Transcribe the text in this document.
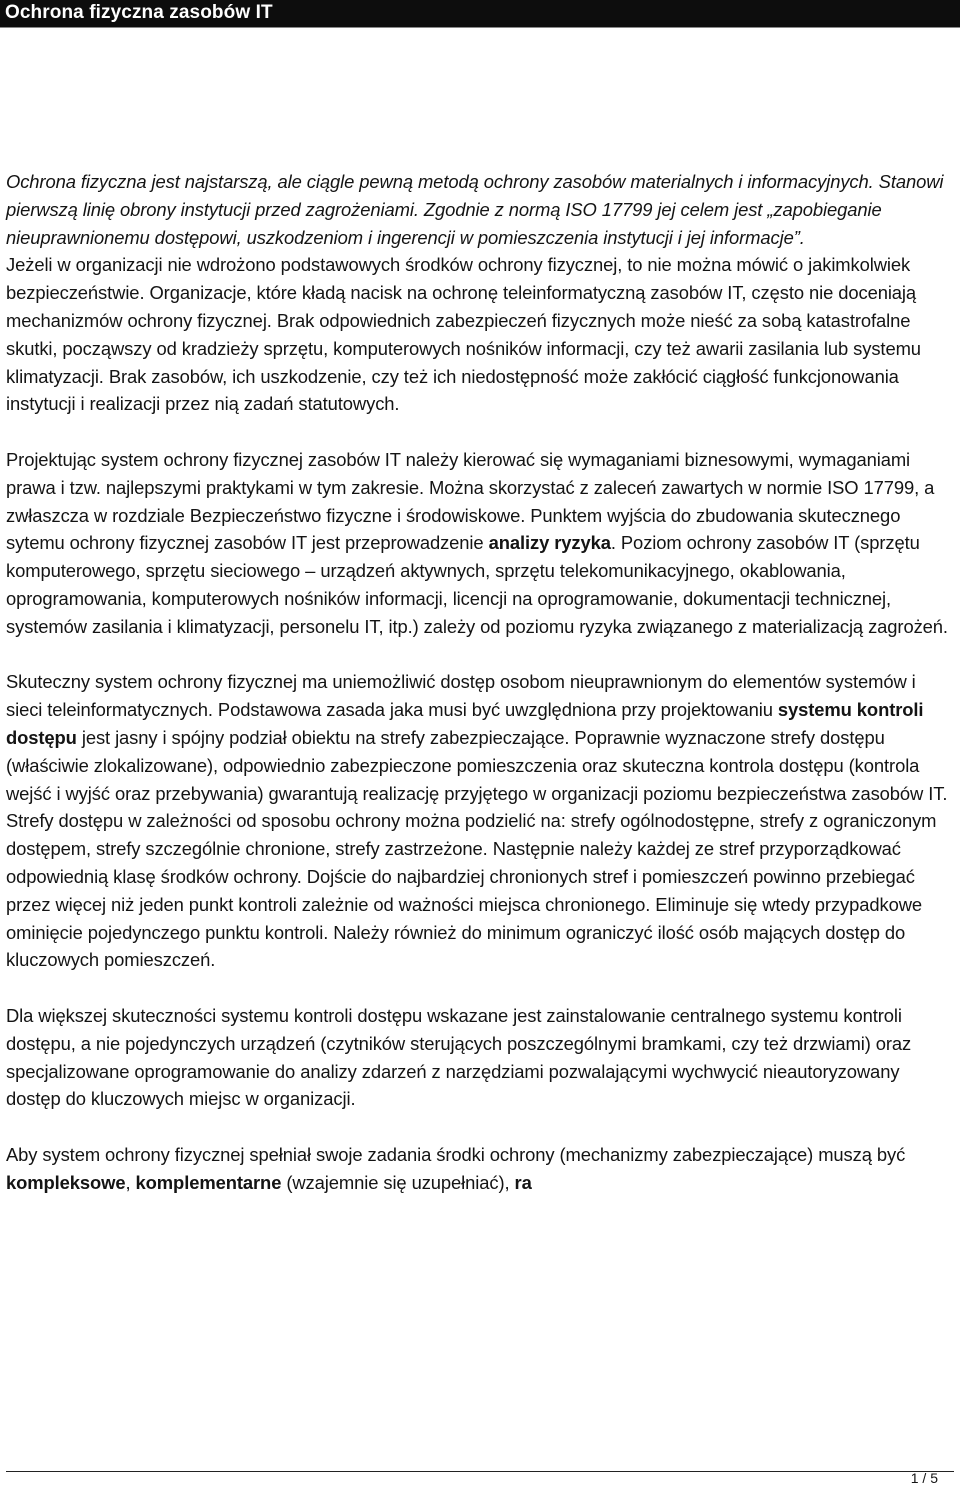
Ochrona fizyczna zasobów IT

Ochrona fizyczna jest najstarszą, ale ciągle pewną metodą ochrony zasobów materialnych i informacyjnych. Stanowi pierwszą linię obrony instytucji przed zagrożeniami. Zgodnie z normą ISO 17799 jej celem jest „zapobieganie nieuprawnionemu dostępowi, uszkodzeniom i ingerencji w pomieszczenia instytucji i jej informacje”.

Jeżeli w organizacji nie wdrożono podstawowych środków ochrony fizycznej, to nie można mówić o jakimkolwiek bezpieczeństwie. Organizacje, które kładą nacisk na ochronę teleinformatyczną zasobów IT, często nie doceniają mechanizmów ochrony fizycznej. Brak odpowiednich zabezpieczeń fizycznych może nieść za sobą katastrofalne skutki, począwszy od kradzieży sprzętu, komputerowych nośników informacji, czy też awarii zasilania lub systemu klimatyzacji. Brak zasobów, ich uszkodzenie, czy też ich niedostępność może zakłócić ciągłość funkcjonowania instytucji i realizacji przez nią zadań statutowych.

Projektując system ochrony fizycznej zasobów IT należy kierować się wymaganiami biznesowymi, wymaganiami prawa i tzw. najlepszymi praktykami w tym zakresie. Można skorzystać z zaleceń zawartych w normie ISO 17799, a zwłaszcza w rozdziale Bezpieczeństwo fizyczne i środowiskowe. Punktem wyjścia do zbudowania skutecznego sytemu ochrony fizycznej zasobów IT jest przeprowadzenie analizy ryzyka. Poziom ochrony zasobów IT (sprzętu komputerowego, sprzętu sieciowego – urządzeń aktywnych, sprzętu telekomunikacyjnego, okablowania, oprogramowania, komputerowych nośników informacji, licencji na oprogramowanie, dokumentacji technicznej, systemów zasilania i klimatyzacji, personelu IT, itp.) zależy od poziomu ryzyka związanego z materializacją zagrożeń.

Skuteczny system ochrony fizycznej ma uniemożliwić dostęp osobom nieuprawnionym do elementów systemów i sieci teleinformatycznych. Podstawowa zasada jaka musi być uwzględniona przy projektowaniu systemu kontroli dostępu jest jasny i spójny podział obiektu na strefy zabezpieczające. Poprawnie wyznaczone strefy dostępu (właściwie zlokalizowane), odpowiednio zabezpieczone pomieszczenia oraz skuteczna kontrola dostępu (kontrola wejść i wyjść oraz przebywania) gwarantują realizację przyjętego w organizacji poziomu bezpieczeństwa zasobów IT. Strefy dostępu w zależności od sposobu ochrony można podzielić na: strefy ogólnodostępne, strefy z ograniczonym dostępem, strefy szczególnie chronione, strefy zastrzeżone. Następnie należy każdej ze stref przyporządkować odpowiednią klasę środków ochrony. Dojście do najbardziej chronionych stref i pomieszczeń powinno przebiegać przez więcej niż jeden punkt kontroli zależnie od ważności miejsca chronionego. Eliminuje się wtedy przypadkowe ominięcie pojedynczego punktu kontroli. Należy również do minimum ograniczyć ilość osób mających dostęp do kluczowych pomieszczeń.

Dla większej skuteczności systemu kontroli dostępu wskazane jest zainstalowanie centralnego systemu kontroli dostępu, a nie pojedynczych urządzeń (czytników sterujących poszczególnymi bramkami, czy też drzwiami) oraz specjalizowane oprogramowanie do analizy zdarzeń z narzędziami pozwalającymi wychwycić nieautoryzowany dostęp do kluczowych miejsc w organizacji.

Aby system ochrony fizycznej spełniał swoje zadania środki ochrony (mechanizmy zabezpieczające) muszą być kompleksowe, komplementarne (wzajemnie się uzupełniać), ra

1 / 5
